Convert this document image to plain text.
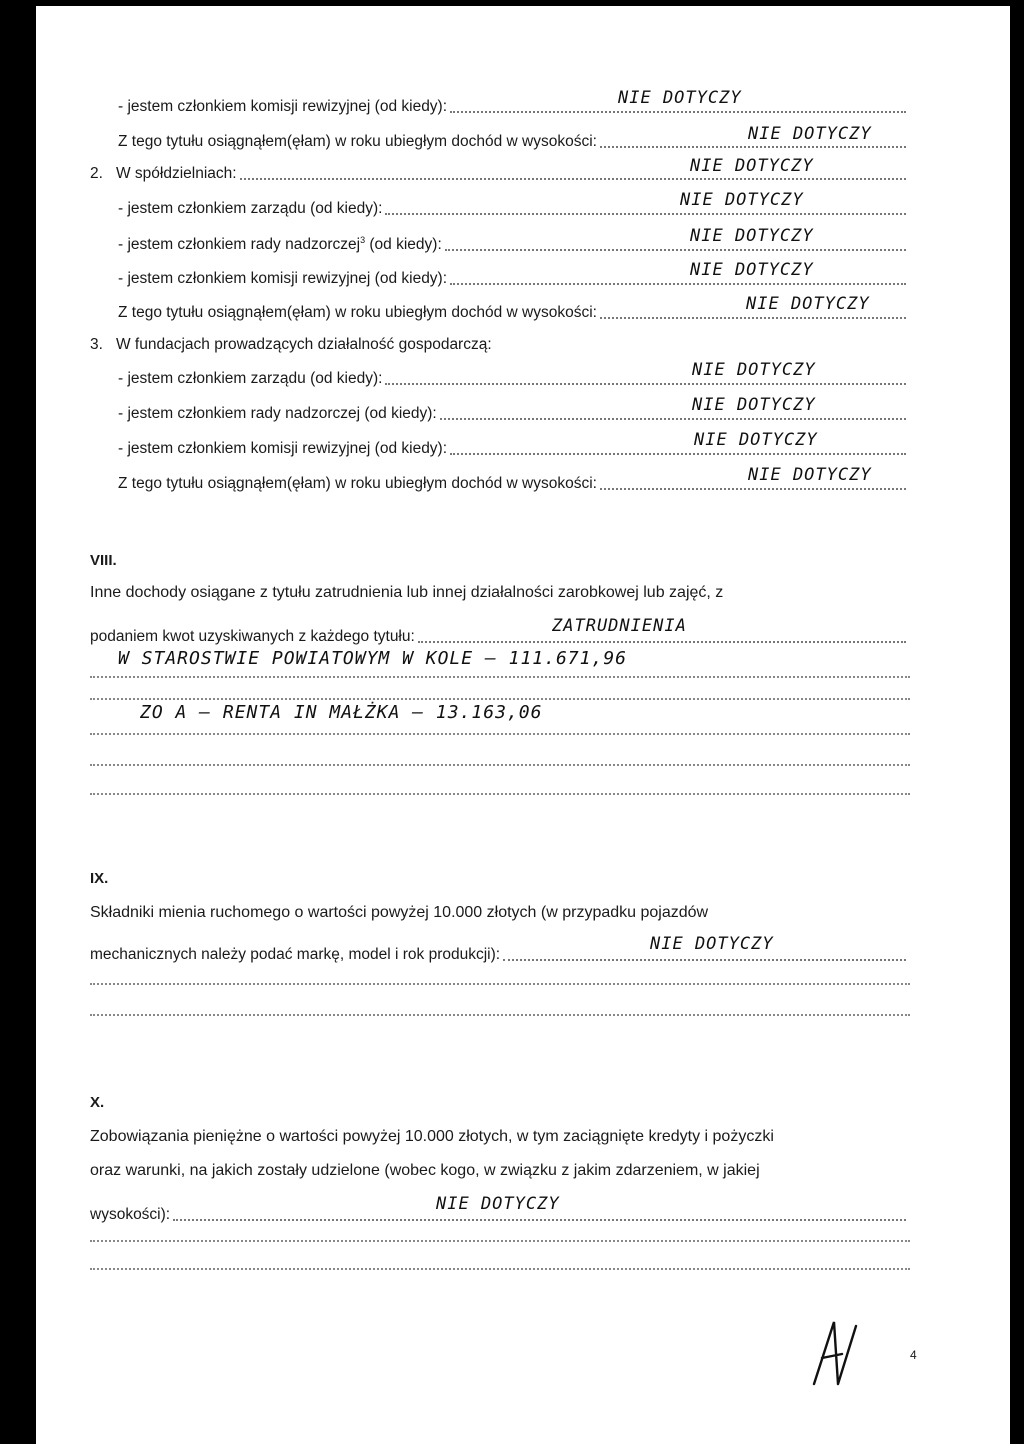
- jestem członkiem komisji rewizyjnej (od kiedy):	NIE DOTYCZY
Z tego tytułu osiągnąłem(ęłam) w roku ubiegłym dochód w wysokości:	NIE DOTYCZY
2. W spółdzielniach:	NIE DOTYCZY
- jestem członkiem zarządu (od kiedy):	NIE DOTYCZY
- jestem członkiem rady nadzorczej$^3$ (od kiedy):	NIE DOTYCZY
- jestem członkiem komisji rewizyjnej (od kiedy):	NIE DOTYCZY
Z tego tytułu osiągnąłem(ęłam) w roku ubiegłym dochód w wysokości:	NIE DOTYCZY
3. W fundacjach prowadzących działalność gospodarczą:
- jestem członkiem zarządu (od kiedy):	NIE DOTYCZY
- jestem członkiem rady nadzorczej (od kiedy):	NIE DOTYCZY
- jestem członkiem komisji rewizyjnej (od kiedy):	NIE DOTYCZY
Z tego tytułu osiągnąłem(ęłam) w roku ubiegłym dochód w wysokości:	NIE DOTYCZY
VIII.
Inne dochody osiągane z tytułu zatrudnienia lub innej działalności zarobkowej lub zajęć, z
podaniem kwot uzyskiwanych z każdego tytułu:
ZATRUDNIENIA
W STAROSTWIE POWIATOWYM W KOLE – 111.671,96
ZO A – RENTA IN MAŁŻKA – 13.163,06
IX.
Składniki mienia ruchomego o wartości powyżej 10.000 złotych (w przypadku pojazdów
mechanicznych należy podać markę, model i rok produkcji):
NIE DOTYCZY
X.
Zobowiązania pieniężne o wartości powyżej 10.000 złotych, w tym zaciągnięte kredyty i pożyczki
oraz warunki, na jakich zostały udzielone (wobec kogo, w związku z jakim zdarzeniem, w jakiej
wysokości):
NIE DOTYCZY
4
